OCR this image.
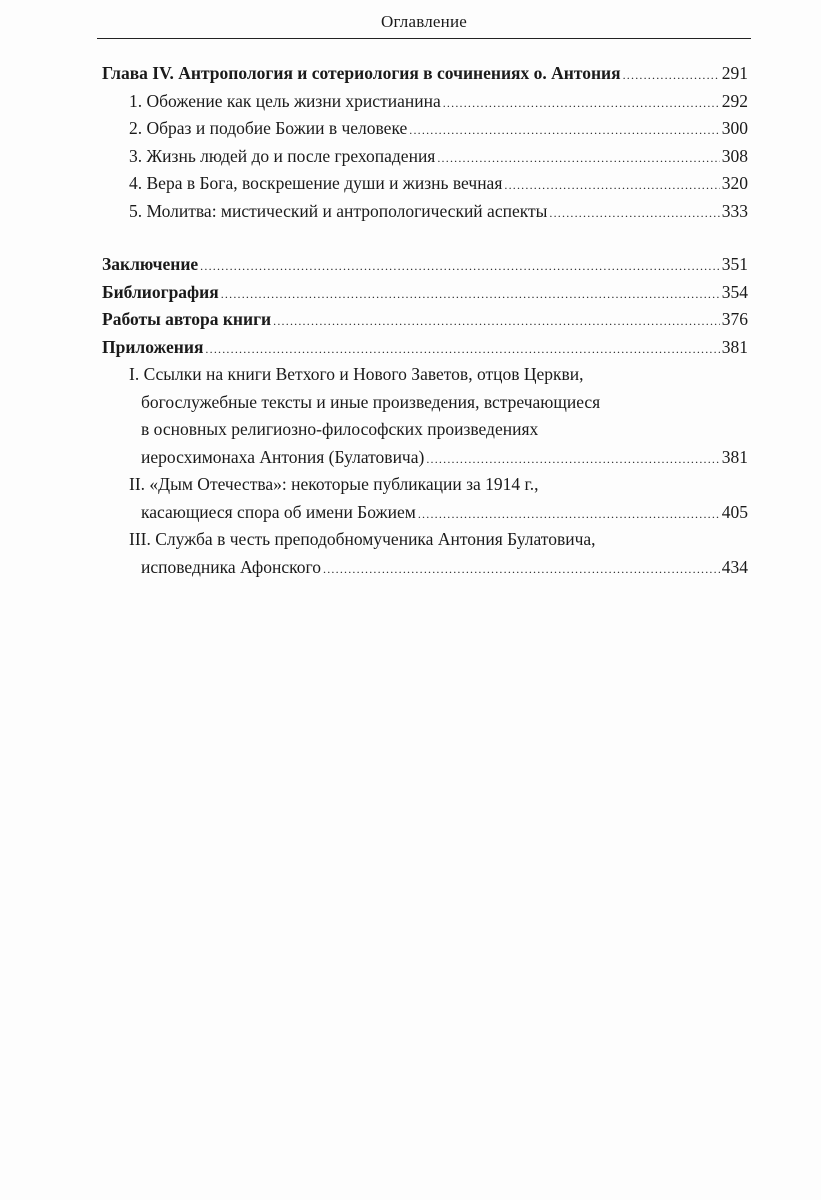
Оглавление
Глава IV. Антропология и сотериология в сочинениях о. Антония .....	291
1. Обожение как цель жизни христианина .....	292
2. Образ и подобие Божии в человеке .....	300
3. Жизнь людей до и после грехопадения .....	308
4. Вера в Бога, воскрешение души и жизнь вечная .....	320
5. Молитва: мистический и антропологический аспекты .....	333
Заключение .....	351
Библиография .....	354
Работы автора книги .....	376
Приложения .....	381
I. Ссылки на книги Ветхого и Нового Заветов, отцов Церкви,
богослужебные тексты и иные произведения, встречающиеся
в основных религиозно-философских произведениях
иеросхимонаха Антония (Булатовича) .....	381
II. «Дым Отечества»: некоторые публикации за 1914 г.,
касающиеся спора об имени Божием .....	405
III. Служба в честь преподобномученика Антония Булатовича,
исповедника Афонского .....	434
